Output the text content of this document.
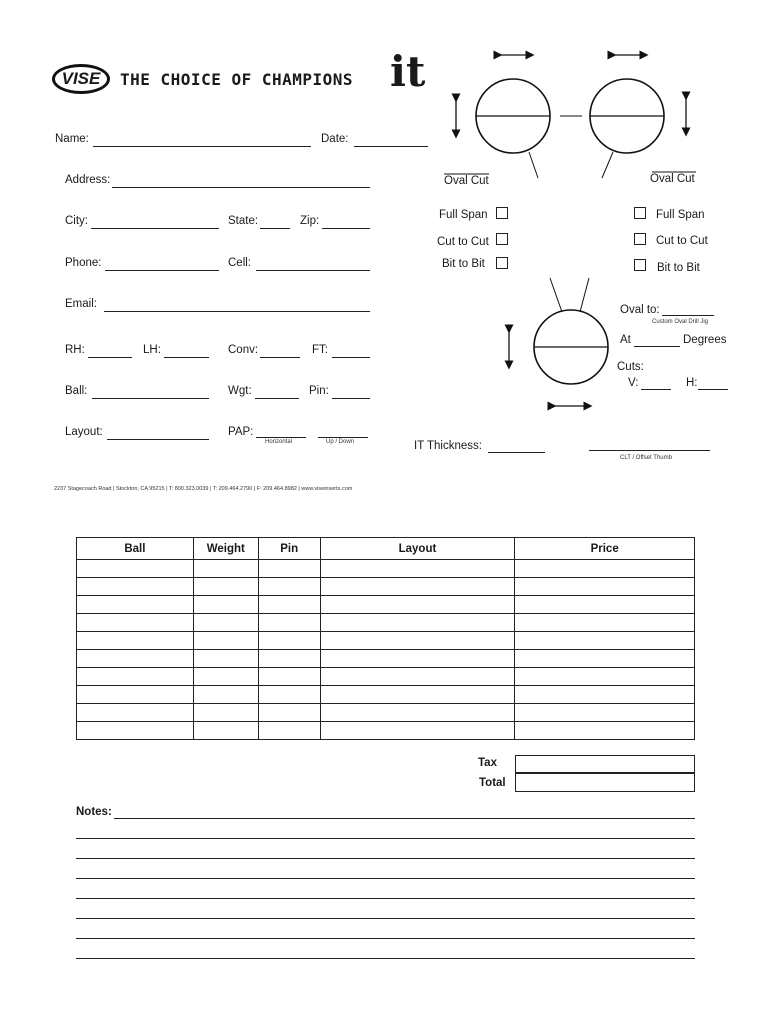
VISE THE CHOICE OF CHAMPIONS it
Name:	Date:
Address:
City:	State:	Zip:
Phone:	Cell:
Email:
RH:	LH:	Conv:	FT:
Ball:	Wgt:	Pin:
Layout:	PAP:
Horizontal	Up / Down
Oval Cut	Oval Cut
Full Span
Cut to Cut
Bit to Bit
Full Span
Cut to Cut
Bit to Bit
Oval to:
Custom Oval Drill Jig
At	Degrees
Cuts:
V:	H:
IT Thickness:
CLT / Offset Thumb
2237 Stagecoach Road | Stockton, CA 95215 | T: 800.323.0039 | T: 209.464.2790 | F: 209.464.8982 | www.viseinserts.com
Ball	Weight	Pin	Layout	Price

Tax
Total
Notes:
